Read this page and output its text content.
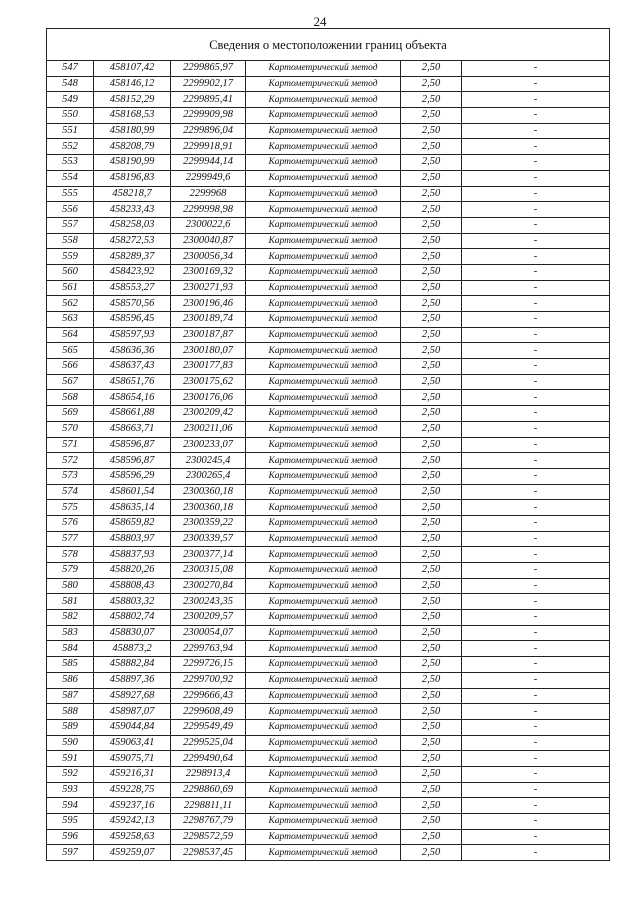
24
Сведения о местоположении границ объекта
547	458107,42	2299865,97	Картометрический метод	2,50	-
548	458146,12	2299902,17	Картометрический метод	2,50	-
549	458152,29	2299895,41	Картометрический метод	2,50	-
550	458168,53	2299909,98	Картометрический метод	2,50	-
551	458180,99	2299896,04	Картометрический метод	2,50	-
552	458208,79	2299918,91	Картометрический метод	2,50	-
553	458190,99	2299944,14	Картометрический метод	2,50	-
554	458196,83	2299949,6	Картометрический метод	2,50	-
555	458218,7	2299968	Картометрический метод	2,50	-
556	458233,43	2299998,98	Картометрический метод	2,50	-
557	458258,03	2300022,6	Картометрический метод	2,50	-
558	458272,53	2300040,87	Картометрический метод	2,50	-
559	458289,37	2300056,34	Картометрический метод	2,50	-
560	458423,92	2300169,32	Картометрический метод	2,50	-
561	458553,27	2300271,93	Картометрический метод	2,50	-
562	458570,56	2300196,46	Картометрический метод	2,50	-
563	458596,45	2300189,74	Картометрический метод	2,50	-
564	458597,93	2300187,87	Картометрический метод	2,50	-
565	458636,36	2300180,07	Картометрический метод	2,50	-
566	458637,43	2300177,83	Картометрический метод	2,50	-
567	458651,76	2300175,62	Картометрический метод	2,50	-
568	458654,16	2300176,06	Картометрический метод	2,50	-
569	458661,88	2300209,42	Картометрический метод	2,50	-
570	458663,71	2300211,06	Картометрический метод	2,50	-
571	458596,87	2300233,07	Картометрический метод	2,50	-
572	458596,87	2300245,4	Картометрический метод	2,50	-
573	458596,29	2300265,4	Картометрический метод	2,50	-
574	458601,54	2300360,18	Картометрический метод	2,50	-
575	458635,14	2300360,18	Картометрический метод	2,50	-
576	458659,82	2300359,22	Картометрический метод	2,50	-
577	458803,97	2300339,57	Картометрический метод	2,50	-
578	458837,93	2300377,14	Картометрический метод	2,50	-
579	458820,26	2300315,08	Картометрический метод	2,50	-
580	458808,43	2300270,84	Картометрический метод	2,50	-
581	458803,32	2300243,35	Картометрический метод	2,50	-
582	458802,74	2300209,57	Картометрический метод	2,50	-
583	458830,07	2300054,07	Картометрический метод	2,50	-
584	458873,2	2299763,94	Картометрический метод	2,50	-
585	458882,84	2299726,15	Картометрический метод	2,50	-
586	458897,36	2299700,92	Картометрический метод	2,50	-
587	458927,68	2299666,43	Картометрический метод	2,50	-
588	458987,07	2299608,49	Картометрический метод	2,50	-
589	459044,84	2299549,49	Картометрический метод	2,50	-
590	459063,41	2299525,04	Картометрический метод	2,50	-
591	459075,71	2299490,64	Картометрический метод	2,50	-
592	459216,31	2298913,4	Картометрический метод	2,50	-
593	459228,75	2298860,69	Картометрический метод	2,50	-
594	459237,16	2298811,11	Картометрический метод	2,50	-
595	459242,13	2298767,79	Картометрический метод	2,50	-
596	459258,63	2298572,59	Картометрический метод	2,50	-
597	459259,07	2298537,45	Картометрический метод	2,50	-
